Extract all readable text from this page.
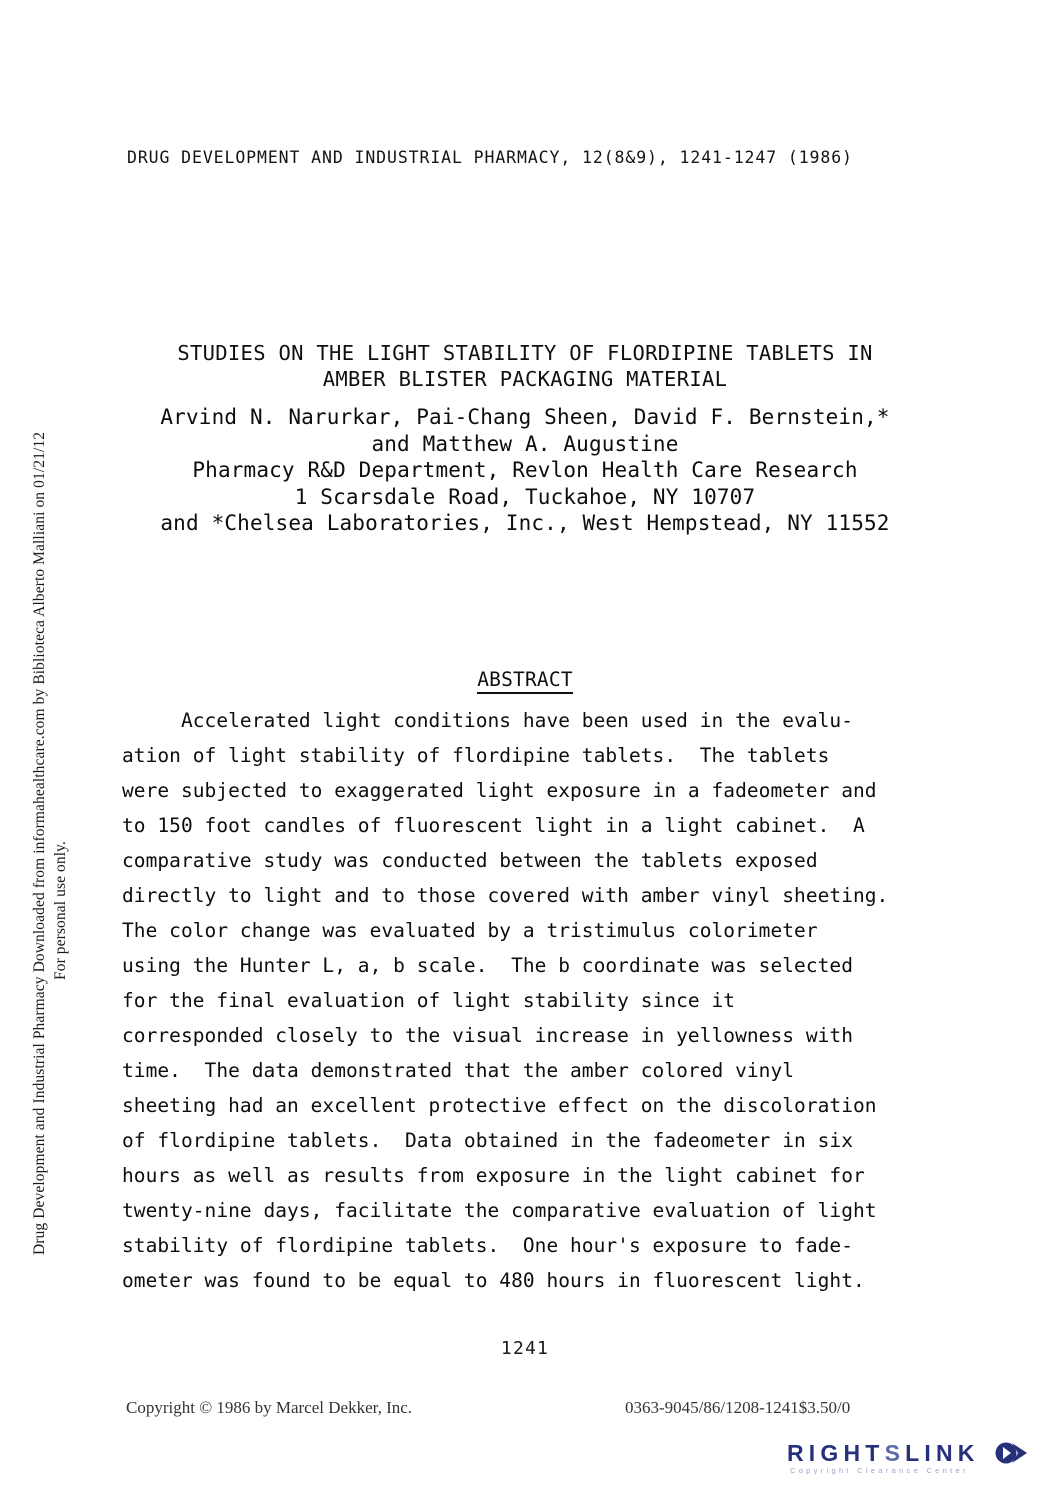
Drug Development and Industrial Pharmacy Downloaded from informahealthcare.com by Biblioteca Alberto Malliani on 01/21/12 For personal use only.
DRUG DEVELOPMENT AND INDUSTRIAL PHARMACY, 12(8&9), 1241-1247 (1986)
STUDIES ON THE LIGHT STABILITY OF FLORDIPINE TABLETS IN
AMBER BLISTER PACKAGING MATERIAL
Arvind N. Narurkar, Pai-Chang Sheen, David F. Bernstein,*
and Matthew A. Augustine
Pharmacy R&D Department, Revlon Health Care Research
1 Scarsdale Road, Tuckahoe, NY 10707
and *Chelsea Laboratories, Inc., West Hempstead, NY 11552
ABSTRACT
Accelerated light conditions have been used in the evalu-
ation of light stability of flordipine tablets.  The tablets
were subjected to exaggerated light exposure in a fadeometer and
to 150 foot candles of fluorescent light in a light cabinet.  A
comparative study was conducted between the tablets exposed
directly to light and to those covered with amber vinyl sheeting.
The color change was evaluated by a tristimulus colorimeter
using the Hunter L, a, b scale.  The b coordinate was selected
for the final evaluation of light stability since it
corresponded closely to the visual increase in yellowness with
time.  The data demonstrated that the amber colored vinyl
sheeting had an excellent protective effect on the discoloration
of flordipine tablets.  Data obtained in the fadeometer in six
hours as well as results from exposure in the light cabinet for
twenty-nine days, facilitate the comparative evaluation of light
stability of flordipine tablets.  One hour's exposure to fade-
ometer was found to be equal to 480 hours in fluorescent light.
1241
Copyright © 1986 by Marcel Dekker, Inc.	0363-9045/86/1208-1241$3.50/0
RIGHTSLINK
Copyright Clearance Center
